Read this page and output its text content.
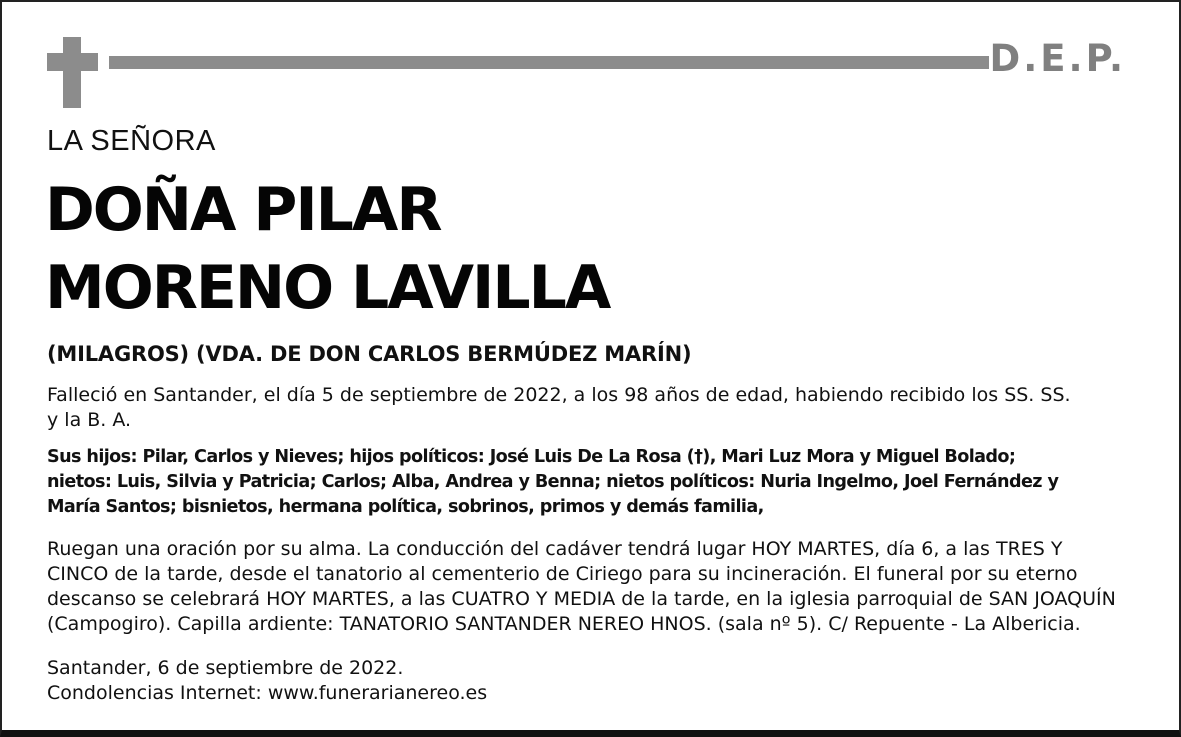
D.E.P.
LA SEÑORA
DOÑA PILAR
MORENO LAVILLA
(MILAGROS) (VDA. DE DON CARLOS BERMÚDEZ MARÍN)
Falleció en Santander, el día 5 de septiembre de 2022, a los 98 años de edad, habiendo recibido los SS. SS.
y la B. A.
Sus hijos: Pilar, Carlos y Nieves; hijos políticos: José Luis De La Rosa (†), Mari Luz Mora y Miguel Bolado;
nietos: Luis, Silvia y Patricia; Carlos; Alba, Andrea y Benna; nietos políticos: Nuria Ingelmo, Joel Fernández y
María Santos; bisnietos, hermana política, sobrinos, primos y demás familia,
Ruegan una oración por su alma. La conducción del cadáver tendrá lugar HOY MARTES, día 6, a las TRES Y
CINCO de la tarde, desde el tanatorio al cementerio de Ciriego para su incineración. El funeral por su eterno
descanso se celebrará HOY MARTES, a las CUATRO Y MEDIA de la tarde, en la iglesia parroquial de SAN JOAQUÍN
(Campogiro). Capilla ardiente: TANATORIO SANTANDER NEREO HNOS. (sala nº 5). C/ Repuente - La Albericia.
Santander, 6 de septiembre de 2022.
Condolencias Internet: www.funerarianereo.es
